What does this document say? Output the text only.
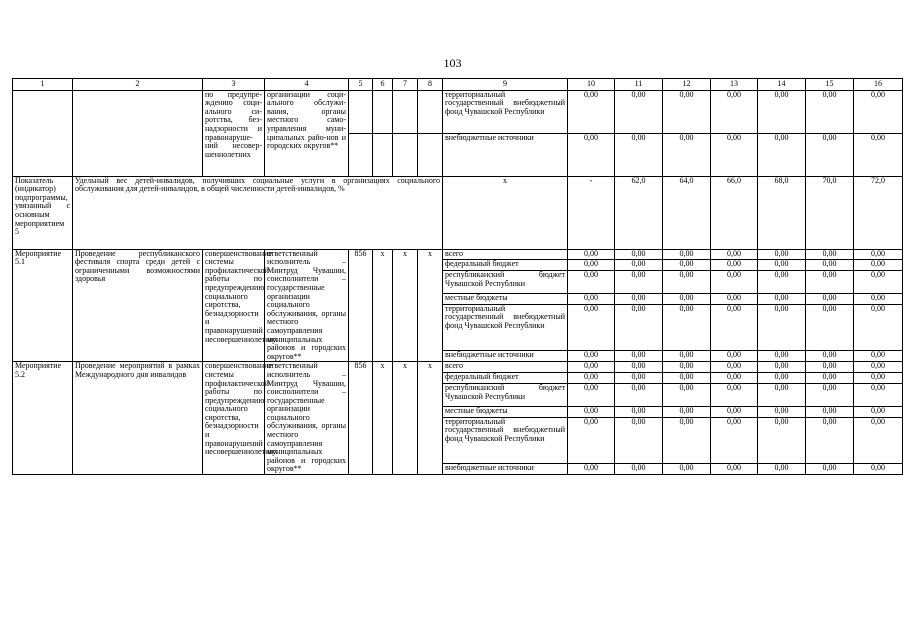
103
1	2	3	4	5	6	7	8	9	10	11	12	13	14	15	16
		по предупре-ждению соци-ального си-ротства, без-надзорности и правонаруше-ний несовер-шеннолетних	организации соци-ального обслужи-вания, органы местного само-управления муни-ципальных райо-нов и городских округов**					территориальный государственный внебюджетный фонд Чувашской Республики	0,00	0,00	0,00	0,00	0,00	0,00	0,00
								внебюджетные источники	0,00	0,00	0,00	0,00	0,00	0,00	0,00
Показатель (индикатор) подпрограммы, увязанный с основным мероприятием 5	Удельный вес детей-инвалидов, получивших социальные услуги в организациях социального обслуживания для детей-инвалидов, в общей численности детей-инвалидов, %							x	-	62,0	64,0	66,0	68,0	70,0	72,0
Мероприятие 5.1	Проведение республиканского фестиваля спорта среди детей с ограниченными возможностями здоровья	совершенствование системы профилактической работы по предупреждению социального сиротства, безнадзорности и правонарушений несовершеннолетних	ответственный исполнитель – Минтруд Чувашии, соисполнители – государственные организации социального обслуживания, органы местного самоуправления муниципальных районов и городских округов**	856	x	x	x	всего	0,00	0,00	0,00	0,00	0,00	0,00	0,00
								федеральный бюджет	0,00	0,00	0,00	0,00	0,00	0,00	0,00
								республиканский бюджет Чувашской Республики	0,00	0,00	0,00	0,00	0,00	0,00	0,00
								местные бюджеты	0,00	0,00	0,00	0,00	0,00	0,00	0,00
								территориальный государственный внебюджетный фонд Чувашской Республики	0,00	0,00	0,00	0,00	0,00	0,00	0,00
								внебюджетные источники	0,00	0,00	0,00	0,00	0,00	0,00	0,00
Мероприятие 5.2	Проведение мероприятий в рамках Международного дня инвалидов	совершенствование системы профилактической работы по предупреждению социального сиротства, безнадзорности и правонарушений несовершеннолетних	ответственный исполнитель – Минтруд Чувашии, соисполнители – государственные организации социального обслуживания, органы местного самоуправления муниципальных районов и городских округов**	856	x	x	x	всего	0,00	0,00	0,00	0,00	0,00	0,00	0,00
								федеральный бюджет	0,00	0,00	0,00	0,00	0,00	0,00	0,00
								республиканский бюджет Чувашской Республики	0,00	0,00	0,00	0,00	0,00	0,00	0,00
								местные бюджеты	0,00	0,00	0,00	0,00	0,00	0,00	0,00
								территориальный государственный внебюджетный фонд Чувашской Республики	0,00	0,00	0,00	0,00	0,00	0,00	0,00
								внебюджетные источники	0,00	0,00	0,00	0,00	0,00	0,00	0,00
